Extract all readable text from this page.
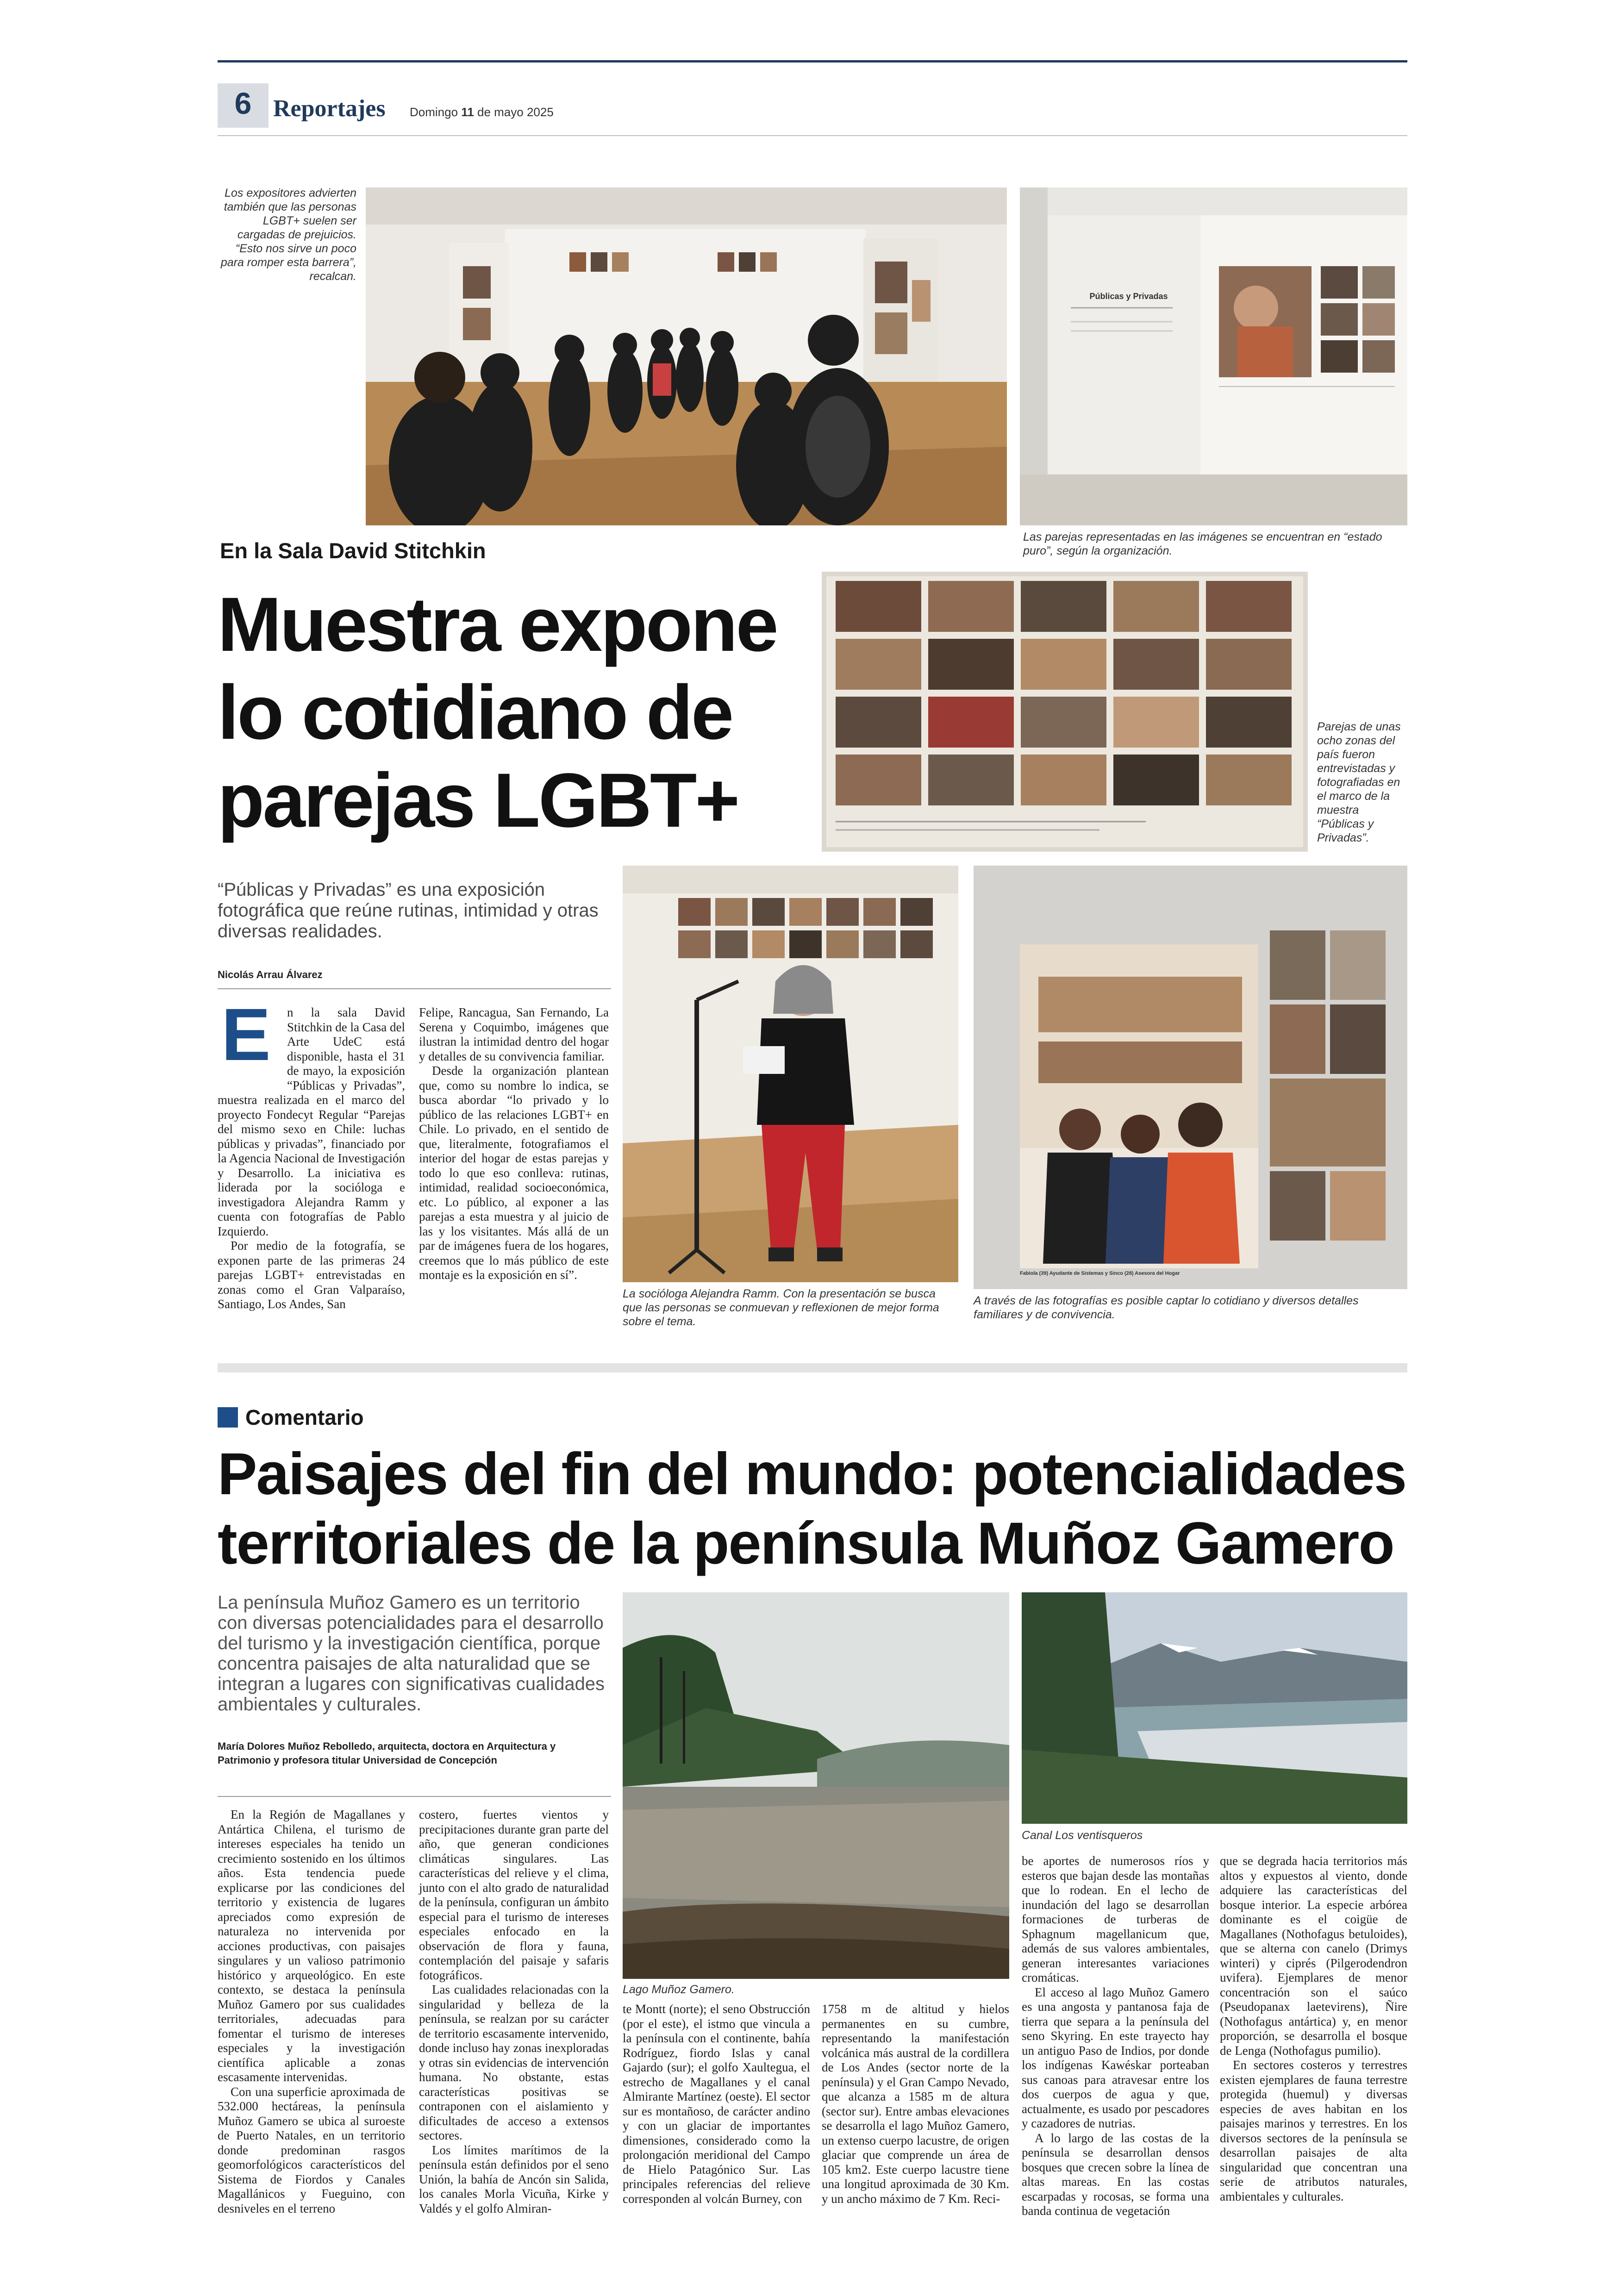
6 Reportajes Domingo 11 de mayo 2025
Los expositores advierten también que las personas LGBT+ suelen ser cargadas de prejuicios. “Esto nos sirve un poco para romper esta barrera”, recalcan.
Públicas y Privadas
Las parejas representadas en las imágenes se encuentran en “estado puro”, según la organización.
En la Sala David Stitchkin
Muestra expone lo cotidiano de parejas LGBT+
Parejas de unas ocho zonas del país fueron entrevistadas y fotografiadas en el marco de la muestra “Públicas y Privadas”.
“Públicas y Privadas” es una exposición fotográfica que reúne rutinas, intimidad y otras diversas realidades.
Nicolás Arrau Álvarez
E	n la sala David Stitchkin de la Casa del Arte UdeC está disponible, hasta el 31 de mayo, la exposición “Públicas y Privadas”, muestra realizada en el marco del proyecto Fondecyt Regular “Parejas del mismo sexo en Chile: luchas públicas y privadas”, financiado por la Agencia Nacional de Investigación y Desarrollo. La iniciativa es liderada por la socióloga e investigadora Alejandra Ramm y cuenta con fotografías de Pablo Izquierdo.

Por medio de la fotografía, se exponen parte de las primeras 24 parejas LGBT+ entrevistadas en zonas como el Gran Valparaíso, Santiago, Los Andes, San

Felipe, Rancagua, San Fernando, La Serena y Coquimbo, imágenes que ilustran la intimidad dentro del hogar y detalles de su convivencia familiar.

Desde la organización plantean que, como su nombre lo indica, se busca abordar “lo privado y lo público de las relaciones LGBT+ en Chile. Lo privado, en el sentido de que, literalmente, fotografiamos el interior del hogar de estas parejas y todo lo que eso conlleva: rutinas, intimidad, realidad socioeconómica, etc. Lo público, al exponer a las parejas a esta muestra y al juicio de las y los visitantes. Más allá de un par de imágenes fuera de los hogares, creemos que lo más público de este montaje es la exposición en sí”.

La socióloga Alejandra Ramm. Con la presentación se busca que las personas se conmuevan y reflexionen de mejor forma sobre el tema.
Fabiola (39) Ayudante de Sistemas y Sinco (28) Asesora del Hogar
A través de las fotografías es posible captar lo cotidiano y diversos detalles familiares y de convivencia.
Comentario
Paisajes del fin del mundo: potencialidades territoriales de la península Muñoz Gamero
La península Muñoz Gamero es un territorio con diversas potencialidades para el desarrollo del turismo y la investigación científica, porque concentra paisajes de alta naturalidad que se integran a lugares con significativas cualidades ambientales y culturales.
María Dolores Muñoz Rebolledo, arquitecta, doctora en Arquitectura y Patrimonio y profesora titular Universidad de Concepción

En la Región de Magallanes y Antártica Chilena, el turismo de intereses especiales ha tenido un crecimiento sostenido en los últimos años. Esta tendencia puede explicarse por las condiciones del territorio y existencia de lugares apreciados como expresión de naturaleza no intervenida por acciones productivas, con paisajes singulares y un valioso patrimonio histórico y arqueológico. En este contexto, se destaca la península Muñoz Gamero por sus cualidades territoriales, adecuadas para fomentar el turismo de intereses especiales y la investigación científica aplicable a zonas escasamente intervenidas.

Con una superficie aproximada de 532.000 hectáreas, la península Muñoz Gamero se ubica al suroeste de Puerto Natales, en un territorio donde predominan rasgos geomorfológicos característicos del Sistema de Fiordos y Canales Magallánicos y Fueguino, con desniveles en el terreno

costero, fuertes vientos y precipitaciones durante gran parte del año, que generan condiciones climáticas singulares. Las características del relieve y el clima, junto con el alto grado de naturalidad de la península, configuran un ámbito especial para el turismo de intereses especiales enfocado en la observación de flora y fauna, contemplación del paisaje y safaris fotográficos.

Las cualidades relacionadas con la singularidad y belleza de la península, se realzan por su carácter de territorio escasamente intervenido, donde incluso hay zonas inexploradas y otras sin evidencias de intervención humana. No obstante, estas características positivas se contraponen con el aislamiento y dificultades de acceso a extensos sectores.

Los límites marítimos de la península están definidos por el seno Unión, la bahía de Ancón sin Salida, los canales Morla Vicuña, Kirke y Valdés y el golfo Almiran-

Lago Muñoz Gamero.
Canal Los ventisqueros

te Montt (norte); el seno Obstrucción (por el este), el istmo que vincula a la península con el continente, bahía Rodríguez, fiordo Islas y canal Gajardo (sur); el golfo Xaultegua, el estrecho de Magallanes y el canal Almirante Martínez (oeste). El sector sur es montañoso, de carácter andino y con un glaciar de importantes dimensiones, considerado como la prolongación meridional del Campo de Hielo Patagónico Sur. Las principales referencias del relieve corresponden al volcán Burney, con

1758 m de altitud y hielos permanentes en su cumbre, representando la manifestación volcánica más austral de la cordillera de Los Andes (sector norte de la península) y el Gran Campo Nevado, que alcanza a 1585 m de altura (sector sur). Entre ambas elevaciones se desarrolla el lago Muñoz Gamero, un extenso cuerpo lacustre, de origen glaciar que comprende un área de 105 km2. Este cuerpo lacustre tiene una longitud aproximada de 30 Km. y un ancho máximo de 7 Km. Reci-

be aportes de numerosos ríos y esteros que bajan desde las montañas que lo rodean. En el lecho de inundación del lago se desarrollan formaciones de turberas de Sphagnum magellanicum que, además de sus valores ambientales, generan interesantes variaciones cromáticas.

El acceso al lago Muñoz Gamero es una angosta y pantanosa faja de tierra que separa a la península del seno Skyring. En este trayecto hay un antiguo Paso de Indios, por donde los indígenas Kawéskar porteaban sus canoas para atravesar entre los dos cuerpos de agua y que, actualmente, es usado por pescadores y cazadores de nutrias.

A lo largo de las costas de la península se desarrollan densos bosques que crecen sobre la línea de altas mareas. En las costas escarpadas y rocosas, se forma una banda continua de vegetación

que se degrada hacia territorios más altos y expuestos al viento, donde adquiere las características del bosque interior. La especie arbórea dominante es el coigüe de Magallanes (Nothofagus betuloides), que se alterna con canelo (Drimys winteri) y ciprés (Pilgerodendron uvifera). Ejemplares de menor concentración son el saúco (Pseudopanax laetevirens), Ñire (Nothofagus antártica) y, en menor proporción, se desarrolla el bosque de Lenga (Nothofagus pumilio).

En sectores costeros y terrestres existen ejemplares de fauna terrestre protegida (huemul) y diversas especies de aves habitan en los paisajes marinos y terrestres. En los diversos sectores de la península se desarrollan paisajes de alta singularidad que concentran una serie de atributos naturales, ambientales y culturales.
